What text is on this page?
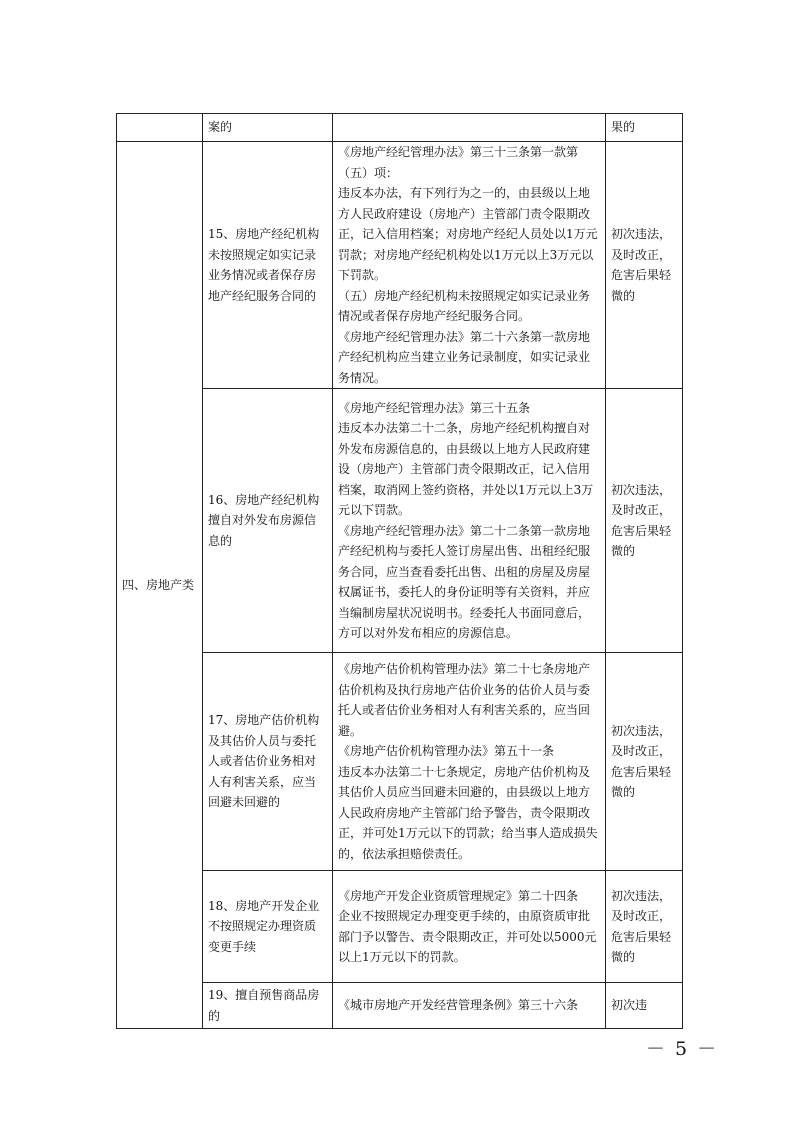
	案的		果的
四、房地产类	15、房地产经纪机构未按照规定如实记录业务情况或者保存房地产经纪服务合同的	《房地产经纪管理办法》第三十三条第一款第（五）项：

违反本办法，有下列行为之一的，由县级以上地方人民政府建设（房地产）主管部门责令限期改正，记入信用档案；对房地产经纪人员处以1万元罚款；对房地产经纪机构处以1万元以上3万元以下罚款。

（五）房地产经纪机构未按照规定如实记录业务情况或者保存房地产经纪服务合同。

《房地产经纪管理办法》第二十六条第一款房地产经纪机构应当建立业务记录制度，如实记录业务情况。	初次违法，及时改正，危害后果轻微的
	16、房地产经纪机构擅自对外发布房源信息的	《房地产经纪管理办法》第三十五条

违反本办法第二十二条，房地产经纪机构擅自对外发布房源信息的，由县级以上地方人民政府建设（房地产）主管部门责令限期改正，记入信用档案，取消网上签约资格，并处以1万元以上3万元以下罚款。

《房地产经纪管理办法》第二十二条第一款房地产经纪机构与委托人签订房屋出售、出租经纪服务合同，应当查看委托出售、出租的房屋及房屋权属证书，委托人的身份证明等有关资料，并应当编制房屋状况说明书。经委托人书面同意后，方可以对外发布相应的房源信息。	初次违法，及时改正，危害后果轻微的
	17、房地产估价机构及其估价人员与委托人或者估价业务相对人有利害关系，应当回避未回避的	《房地产估价机构管理办法》第二十七条房地产估价机构及执行房地产估价业务的估价人员与委托人或者估价业务相对人有利害关系的，应当回避。

《房地产估价机构管理办法》第五十一条

违反本办法第二十七条规定，房地产估价机构及其估价人员应当回避未回避的，由县级以上地方人民政府房地产主管部门给予警告，责令限期改正，并可处1万元以下的罚款；给当事人造成损失的，依法承担赔偿责任。	初次违法，及时改正，危害后果轻微的
	18、房地产开发企业不按照规定办理资质变更手续	《房地产开发企业资质管理规定》第二十四条

企业不按照规定办理变更手续的，由原资质审批部门予以警告、责令限期改正，并可处以5000元以上1万元以下的罚款。	初次违法，及时改正，危害后果轻微的
	19、擅自预售商品房的	《城市房地产开发经营管理条例》第三十六条	初次违
－ 5 －
